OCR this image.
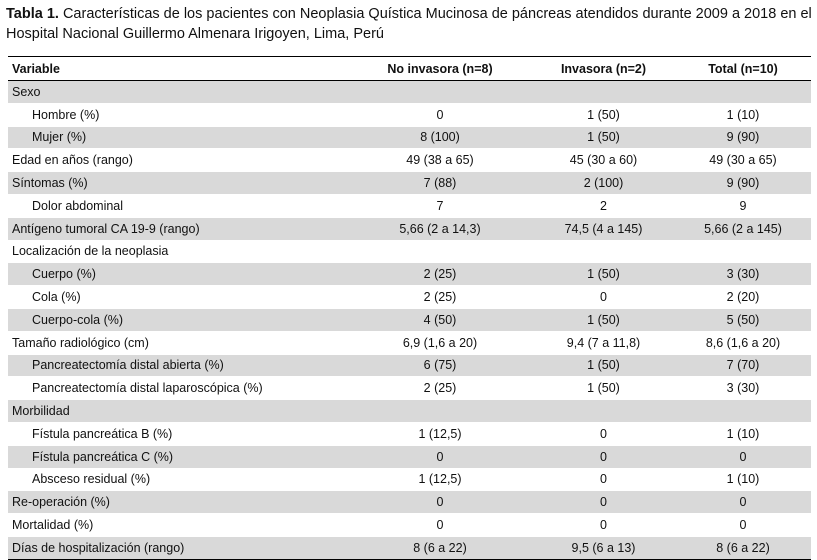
Tabla 1. Características de los pacientes con Neoplasia Quística Mucinosa de páncreas atendidos durante 2009 a 2018 en el Hospital Nacional Guillermo Almenara Irigoyen, Lima, Perú
Variable	No invasora (n=8)	Invasora (n=2)	Total (n=10)
Sexo			
Hombre (%)	0	1 (50)	1 (10)
Mujer (%)	8 (100)	1 (50)	9 (90)
Edad en años (rango)	49 (38 a 65)	45 (30 a 60)	49 (30 a 65)
Síntomas (%)	7 (88)	2 (100)	9 (90)
Dolor abdominal	7	2	9
Antígeno tumoral CA 19-9 (rango)	5,66 (2 a 14,3)	74,5 (4 a 145)	5,66 (2 a 145)
Localización de la neoplasia			
Cuerpo (%)	2 (25)	1 (50)	3 (30)
Cola (%)	2 (25)	0	2 (20)
Cuerpo-cola (%)	4 (50)	1 (50)	5 (50)
Tamaño radiológico (cm)	6,9 (1,6 a 20)	9,4 (7 a 11,8)	8,6 (1,6 a 20)
Pancreatectomía distal abierta (%)	6 (75)	1 (50)	7 (70)
Pancreatectomía distal laparoscópica (%)	2 (25)	1 (50)	3 (30)
Morbilidad			
Fístula pancreática B (%)	1 (12,5)	0	1 (10)
Fístula pancreática C (%)	0	0	0
Absceso residual (%)	1 (12,5)	0	1 (10)
Re-operación (%)	0	0	0
Mortalidad (%)	0	0	0
Días de hospitalización (rango)	8 (6 a 22)	9,5 (6 a 13)	8 (6 a 22)
